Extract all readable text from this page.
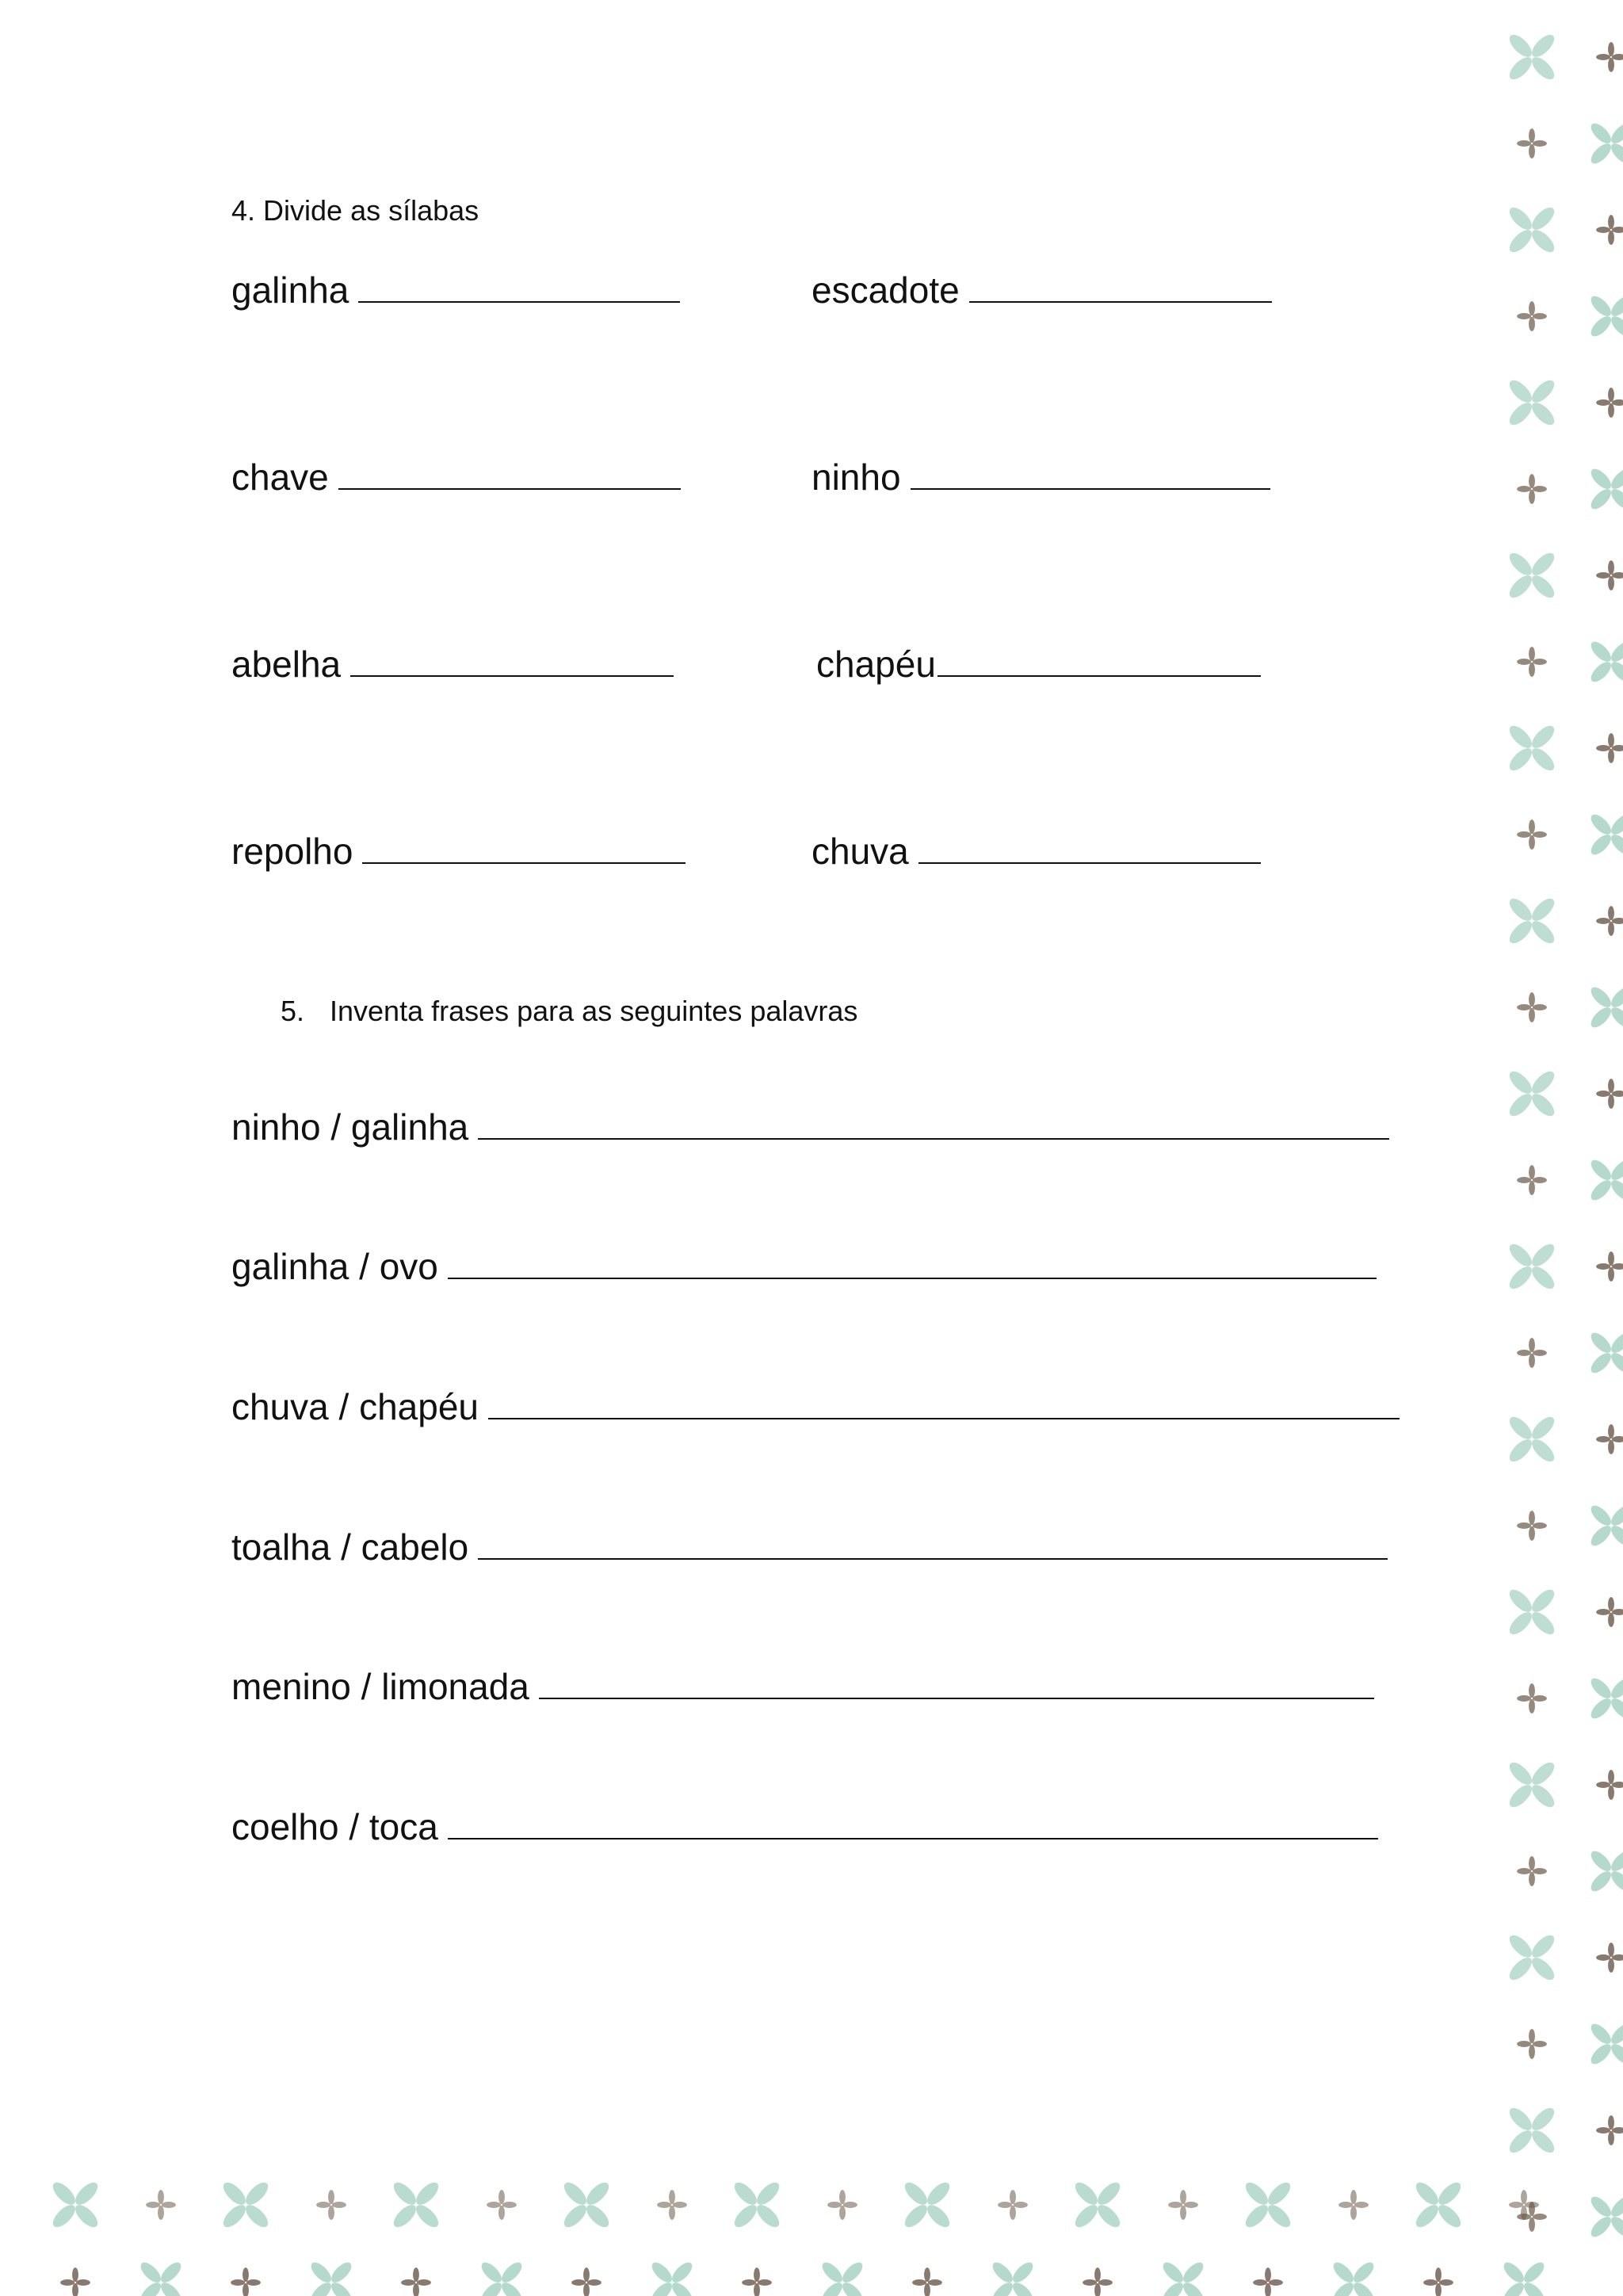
4. Divide as sílabas
galinha	escadote
chave	ninho
abelha	chapéu
repolho	chuva
5. Inventa frases para as seguintes palavras
ninho / galinha
galinha / ovo
chuva / chapéu
toalha / cabelo
menino / limonada
coelho / toca
